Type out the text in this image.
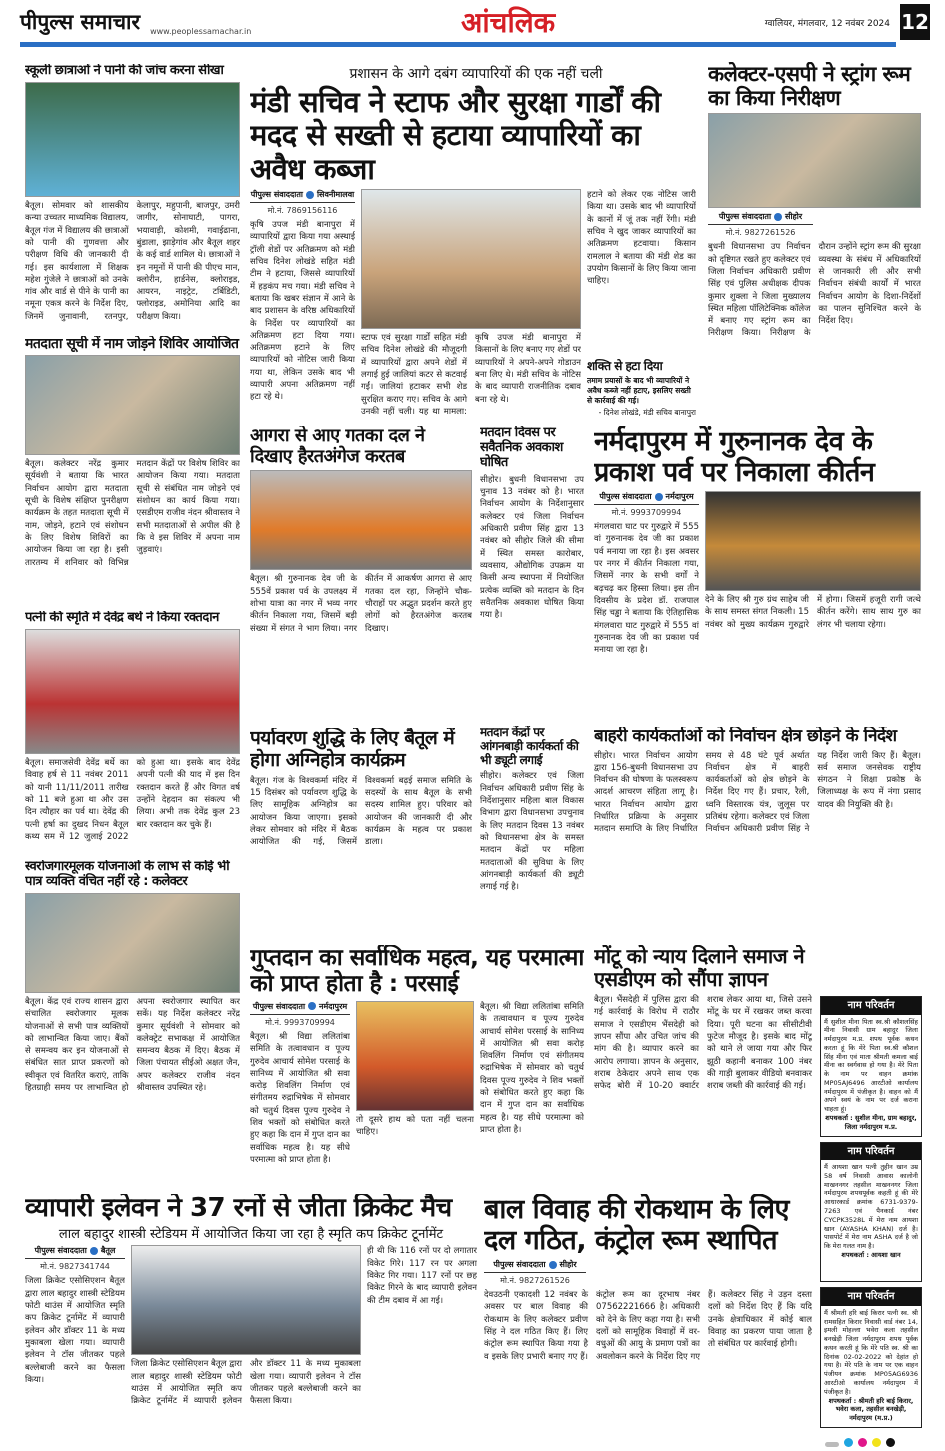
पीपुल्स समाचार www.peoplessamachar.in	आंचलिक	ग्वालियर, मंगलवार, 12 नवंबर 2024 12
स्कूली छात्राओं ने पानी की जांच करना सीखा
बैतूल। सोमवार को शासकीय कन्या उच्चतर माध्यमिक विद्यालय, बैतूल गंज में विद्यालय की छात्राओं को पानी की गुणवत्ता और परीक्षण विधि की जानकारी दी गई। इस कार्यशाला में शिक्षक महेश गुंजेले ने छात्राओं को उनके गांव और वार्ड से पीने के पानी का नमूना एकत्र करने के निर्देश दिए, जिनमें जुनावानी, रतनपुर, केलापुर, महुपानी, बाजपुर, उमरी जागीर, सोनाघाटी, पागरा, भयावाड़ी, कोशमी, गवाईढाना, बुंडाला, झाड़ेगांव और बैतूल शहर के कई वार्ड शामिल थे। छात्राओं ने इन नमूनों में पानी की पीएच मान, क्लोरीन, हार्डनेस, क्लोराइड, आयरन, नाइट्रेट, टर्बिडिटी, फ्लोराइड, अमोनिया आदि का परीक्षण किया।
मतदाता सूची में नाम जोड़ने शिविर आयोजित
बैतूल। कलेक्टर नरेंद्र कुमार सूर्यवंशी ने बताया कि भारत निर्वाचन आयोग द्वारा मतदाता सूची के विशेष संक्षिप्त पुनरीक्षण कार्यक्रम के तहत मतदाता सूची में नाम, जोड़ने, हटाने एवं संशोधन के लिए विशेष शिविरों का आयोजन किया जा रहा है। इसी तारतम्य में शनिवार को विभिन्न मतदान केंद्रों पर विशेष शिविर का आयोजन किया गया। मतदाता सूची से संबंधित नाम जोड़ने एवं संशोधन का कार्य किया गया। एसडीएम राजीव नंदन श्रीवास्तव ने सभी मतदाताओं से अपील की है कि वे इस शिविर में अपना नाम जुड़वाएं।
पत्नी की स्मृति में देवेंद्र बर्थे ने किया रक्तदान
बैतूल। समाजसेवी देवेंद्र बर्थे का विवाह हर्ष से 11 नवंबर 2011 को यानी 11/11/2011 तारीख को 11 बजे हुआ था और उस दिन त्यौहार का पर्व था। देवेंद्र की पत्नी हर्षा का दुखद निधन बैतूल कथ्य सम में 12 जुलाई 2022 को हुआ था। इसके बाद देवेंद्र अपनी पत्नी की याद में इस दिन रक्तदान करते हैं और विगत वर्ष उन्होंने देहदान का संकल्प भी लिया। अभी तक देवेंद्र कुल 23 बार रक्तदान कर चुके हैं।
स्वरोजगारमूलक योजनाओं के लाभ से कोई भी पात्र व्यक्ति वंचित नहीं रहे : कलेक्टर
बैतूल। केंद्र एवं राज्य शासन द्वारा संचालित स्वरोजगार मूलक योजनाओं से सभी पात्र व्यक्तियों को लाभान्वित किया जाए। बैंकों से समन्वय कर इन योजनाओं से संबंधित सात प्राप्त प्रकरणों को स्वीकृत एवं वितरित कराएं, ताकि हितग्राही समय पर लाभान्वित हो अपना स्वरोजगार स्थापित कर सकें। यह निर्देश कलेक्टर नरेंद्र कुमार सूर्यवंशी ने सोमवार को कलेक्ट्रेट सभाकक्ष में आयोजित समन्वय बैठक में दिए। बैठक में जिला पंचायत सीईओ अक्षत जैन, अपर कलेक्टर राजीव नंदन श्रीवास्तव उपस्थित रहे।
प्रशासन के आगे दबंग व्यापारियों की एक नहीं चली
मंडी सचिव ने स्टाफ और सुरक्षा गार्डों की मदद से सख्ती से हटाया व्यापारियों का अवैध कब्जा
पीपुल्स संवाददाता सिवनीमालवा
मो.नं. 7869156116
कृषि उपज मंडी बानापुरा में व्यापारियों द्वारा किया गया अस्थाई ट्रॉली शेडों पर अतिक्रमण को मंडी सचिव दिनेश लोखंडे सहित मंडी टीम ने हटाया, जिससे व्यापारियों में हड़कंप मच गया। मंडी सचिव ने बताया कि खबर संज्ञान में आने के बाद प्रशासन के वरिष्ठ अधिकारियों के निर्देश पर व्यापारियों का अतिक्रमण हटा दिया गया। अतिक्रमण हटाने के लिए व्यापारियों को नोटिस जारी किया गया था, लेकिन उसके बाद भी व्यापारी अपना अतिक्रमण नहीं हटा रहे थे।
स्टाफ एवं सुरक्षा गार्डों सहित मंडी सचिव दिनेश लोखंडे की मौजूदगी में व्यापारियों द्वारा अपने शेडों में लगाई हुई जालियां कटर से कटवाई गईं। जालियां हटाकर सभी शेड सुरक्षित कराए गए। सचिव के आगे उनकी नहीं चली। यह था मामला: कृषि उपज मंडी बानापुरा में किसानों के लिए बनाए गए शेडों पर व्यापारियों ने अपने-अपने गोडाउन बना लिए थे। मंडी सचिव के नोटिस के बाद व्यापारी राजनीतिक दबाव बना रहे थे।
हटाने को लेकर एक नोटिस जारी किया था। उसके बाद भी व्यापारियों के कानों में जूं तक नहीं रेंगी। मंडी सचिव ने खुद जाकर व्यापारियों का अतिक्रमण हटवाया। किसान रामलाल ने बताया की मंडी शेड का उपयोग किसानों के लिए किया जाना चाहिए।
शक्ति से हटा दिया
तमाम प्रयासों के बाद भी व्यापारियों ने अवैध कब्जे नहीं हटाए, इसलिए सख्ती से कार्रवाई की गई।
- दिनेश लोखंडे, मंडी सचिव बानापुरा
कलेक्टर-एसपी ने स्ट्रांग रूम का किया निरीक्षण
पीपुल्स संवाददाता सीहोर
मो.नं. 9827261526
बुधनी विधानसभा उप निर्वाचन को दृष्टिगत रखते हुए कलेक्टर एवं जिला निर्वाचन अधिकारी प्रवीण सिंह एवं पुलिस अधीक्षक दीपक कुमार शुक्ला ने जिला मुख्यालय स्थित महिला पॉलिटेक्निक कॉलेज में बनाए गए स्ट्रांग रूम का निरीक्षण किया। निरीक्षण के दौरान उन्होंने स्ट्रांग रूम की सुरक्षा व्यवस्था के संबंध में अधिकारियों से जानकारी ली और सभी निर्वाचन संबंधी कार्यों में भारत निर्वाचन आयोग के दिशा-निर्देशों का पालन सुनिश्चित करने के निर्देश दिए।
आगरा से आए गतका दल ने दिखाए हैरतअंगेज करतब
बैतूल। श्री गुरुनानक देव जी के 555वें प्रकाश पर्व के उपलक्ष्य में शोभा यात्रा का नगर में भव्य नगर कीर्तन निकाला गया, जिसमें बड़ी संख्या में संगत ने भाग लिया। नगर कीर्तन में आकर्षण आगरा से आए गतका दल रहा, जिन्होंने चौक-चौराहों पर अद्भुत प्रदर्शन करते हुए लोगों को हैरतअंगेज करतब दिखाए।
मतदान दिवस पर सवैतनिक अवकाश घोषित
सीहोर। बुधनी विधानसभा उप चुनाव 13 नवंबर को है। भारत निर्वाचन आयोग के निर्देशानुसार कलेक्टर एवं जिला निर्वाचन अधिकारी प्रवीण सिंह द्वारा 13 नवंबर को सीहोर जिले की सीमा में स्थित समस्त कारोबार, व्यवसाय, औद्योगिक उपक्रम या किसी अन्य स्थापना में नियोजित प्रत्येक व्यक्ति को मतदान के दिन सवैतनिक अवकाश घोषित किया गया है।
नर्मदापुरम में गुरुनानक देव के प्रकाश पर्व पर निकाला कीर्तन
पीपुल्स संवाददाता नर्मदापुरम
मो.नं. 9993709994
मंगलवारा घाट पर गुरुद्वारे में 555 वां गुरुनानक देव जी का प्रकाश पर्व मनाया जा रहा है। इस अवसर पर नगर में कीर्तन निकाला गया, जिसमें नगर के सभी वर्गों ने बढ़चढ़ कर हिस्सा लिया। इस तीन दिवसीय के प्रदेश डॉ. राजपाल सिंह चड्ढा ने बताया कि ऐतिहासिक मंगलवारा घाट गुरुद्वारे में 555 वां गुरुनानक देव जी का प्रकाश पर्व मनाया जा रहा है।
देने के लिए श्री गुरु ग्रंथ साहेब जी के साथ समस्त संगत निकली। 15 नवंबर को मुख्य कार्यक्रम गुरुद्वारे में होगा। जिसमें हजूरी रागी जत्थे कीर्तन करेंगे। साथ साथ गुरु का लंगर भी चलाया रहेगा।
पर्यावरण शुद्धि के लिए बैतूल में होगा अग्निहोत्र कार्यक्रम
बैतूल। गंज के विश्वकर्मा मंदिर में 15 दिसंबर को पर्यावरण शुद्धि के लिए सामूहिक अग्निहोत्र का आयोजन किया जाएगा। इसको लेकर सोमवार को मंदिर में बैठक आयोजित की गई, जिसमें विश्वकर्मा बढ़ई समाज समिति के सदस्यों के साथ बैतूल के सभी सदस्य शामिल हुए। परिवार को आयोजन की जानकारी दी और कार्यक्रम के महत्व पर प्रकाश डाला।
मतदान केंद्रों पर आंगनबाड़ी कार्यकर्ता की भी ड्यूटी लगाई
सीहोर। कलेक्टर एवं जिला निर्वाचन अधिकारी प्रवीण सिंह के निर्देशानुसार महिला बाल विकास विभाग द्वारा विधानसभा उपचुनाव के लिए मतदान दिवस 13 नवंबर को विधानसभा क्षेत्र के समस्त मतदान केंद्रों पर महिला मतदाताओं की सुविधा के लिए आंगनबाड़ी कार्यकर्ता की ड्यूटी लगाई गई है।
बाहरी कार्यकर्ताओं को निर्वाचन क्षेत्र छोड़ने के निर्देश
सीहोर। भारत निर्वाचन आयोग द्वारा 156-बुधनी विधानसभा उप निर्वाचन की घोषणा के फलस्वरूप आदर्श आचरण संहिता लागू है। भारत निर्वाचन आयोग द्वारा निर्धारित प्रक्रिया के अनुसार मतदान समाप्ति के लिए निर्धारित समय से 48 घंटे पूर्व अर्थात निर्वाचन क्षेत्र में बाहरी कार्यकर्ताओं को क्षेत्र छोड़ने के निर्देश दिए गए हैं। प्रचार, रैली, ध्वनि विस्तारक यंत्र, जुलूस पर प्रतिबंध रहेगा। कलेक्टर एवं जिला निर्वाचन अधिकारी प्रवीण सिंह ने यह निर्देश जारी किए हैं। बैतूल। सर्व समाज जनसेवक राष्ट्रीय संगठन ने शिक्षा प्रकोष्ठ के जिलाध्यक्ष के रूप में नंगा प्रसाद यादव की नियुक्ति की है।
गुप्तदान का सर्वाधिक महत्व, यह परमात्मा को प्राप्त होता है : परसाई
पीपुल्स संवाददाता नर्मदापुरम
मो.नं. 9993709994
बैतूल। श्री विद्या ललितांबा समिति के तत्वावधान व पूज्य गुरुदेव आचार्य सोमेश परसाई के सानिध्य में आयोजित श्री सवा करोड़ शिवलिंग निर्माण एवं संगीतमय रुद्राभिषेक में सोमवार को चतुर्थ दिवस पूज्य गुरुदेव ने शिव भक्तों को संबोधित करते हुए कहा कि दान में गुप्त दान का सर्वाधिक महत्व है। यह सीधे परमात्मा को प्राप्त होता है।
तो दूसरे हाथ को पता नहीं चलना चाहिए।
बैतूल। श्री विद्या ललितांबा समिति के तत्वावधान व पूज्य गुरुदेव आचार्य सोमेश परसाई के सानिध्य में आयोजित श्री सवा करोड़ शिवलिंग निर्माण एवं संगीतमय रुद्राभिषेक में सोमवार को चतुर्थ दिवस पूज्य गुरुदेव ने शिव भक्तों को संबोधित करते हुए कहा कि दान में गुप्त दान का सर्वाधिक महत्व है। यह सीधे परमात्मा को प्राप्त होता है।
मोंटू को न्याय दिलाने समाज ने एसडीएम को सौंपा ज्ञापन
बैतूल। भैंसदेही में पुलिस द्वारा की गई कार्रवाई के विरोध में राठौर समाज ने एसडीएम भैंसदेही को ज्ञापन सौंपा और उचित जांच की मांग की है। व्यापार करने का आरोप लगाया। ज्ञापन के अनुसार, शराब ठेकेदार अपने साथ एक सफेद बोरी में 10-20 क्वार्टर शराब लेकर आया था, जिसे उसने मोंटू के घर में रखकर जब्त करवा दिया। पूरी घटना का सीसीटीवी फुटेज मौजूद है। इसके बाद मोंटू को थाने ले जाया गया और फिर झूठी कहानी बनाकर 100 नंबर की गाड़ी बुलाकर वीडियो बनवाकर शराब जब्ती की कार्रवाई की गई।
व्यापारी इलेवन ने 37 रनों से जीता क्रिकेट मैच
लाल बहादुर शास्त्री स्टेडियम में आयोजित किया जा रहा है स्मृति कप क्रिकेट टूर्नामेंट
पीपुल्स संवाददाता बैतूल
मो.नं. 9827341744
जिला क्रिकेट एसोसिएशन बैतूल द्वारा लाल बहादुर शास्त्री स्टेडियम फोटी थाउंस में आयोजित स्मृति कप क्रिकेट टूर्नामेंट में व्यापारी इलेवन और डॉक्टर 11 के मध्य मुकाबला खेला गया। व्यापारी इलेवन ने टॉस जीतकर पहले बल्लेबाजी करने का फैसला किया।
जिला क्रिकेट एसोसिएशन बैतूल द्वारा लाल बहादुर शास्त्री स्टेडियम फोटी थाउंस में आयोजित स्मृति कप क्रिकेट टूर्नामेंट में व्यापारी इलेवन और डॉक्टर 11 के मध्य मुकाबला खेला गया। व्यापारी इलेवन ने टॉस जीतकर पहले बल्लेबाजी करने का फैसला किया।
ही थी कि 116 रनों पर दो लगातार विकेट गिरे। 117 रन पर अगला विकेट गिर गया। 117 रनों पर छह विकेट गिरने के बाद व्यापारी इलेवन की टीम दबाव में आ गई।
बाल विवाह की रोकथाम के लिए दल गठित, कंट्रोल रूम स्थापित
पीपुल्स संवाददाता सीहोर
मो.नं. 9827261526
देवउठनी एकादशी 12 नवंबर के अवसर पर बाल विवाह की रोकथाम के लिए कलेक्टर प्रवीण सिंह ने दल गठित किए हैं। लिए कंट्रोल रूम स्थापित किया गया है व इसके लिए प्रभारी बनाए गए हैं। कंट्रोल रूम का दूरभाष नंबर 07562221666 है। अधिकारी को देने के लिए कहा गया है। सभी दलों को सामूहिक विवाहों में वर-वधुओं की आयु के प्रमाण पत्रों का अवलोकन करने के निर्देश दिए गए हैं। कलेक्टर सिंह ने उड़न दस्ता दलों को निर्देश दिए हैं कि यदि उनके क्षेत्राधिकार में कोई बाल विवाह का प्रकरण पाया जाता है तो संबंधित पर कार्रवाई होगी।
नाम परिवर्तन
मैं सुशील मीना पिता स्व.श्री कौशलसिंह मीना निवासी ग्राम बहादुर जिला नर्मदापुरम म.प्र. शपथ पूर्वक कथन करता हूं कि मेरे पिता स्व.श्री कौशल सिंह मीना एवं माता श्रीमती कमला बाई मीना का स्वर्गवास हो गया है। मेरे पिता के नाम पर वाहन क्रमांक MP05AJ6496 आरटीओ कार्यालय नर्मदापुरम में पंजीकृत है। वाहन को मैं अपने स्वयं के नाम पर दर्ज कराना चाहता हूं।
शपथकर्ता : सुशील मीना, ग्राम बहादुर, जिला नर्मदापुरम म.प्र.
नाम परिवर्तन
मैं आयशा खान पत्नी तुहीन खान उम्र 58 वर्ष निवासी आवास कालोनी माखननगर तहसील माखननगर जिला नर्मदापुरम शपथपूर्वक कहती हूं की मेरे आधारकार्ड क्रमांक 6731-9379-7263 एवं पैनकार्ड नंबर CYCPK3528L में मेरा नाम आयशा खान (AYASHA KHAN) दर्ज है। पासपोर्ट में मेरा नाम ASHA दर्ज है जो कि मेरा गलत नाम है।
शपथकर्ता : आयशा खान
नाम परिवर्तन
मैं श्रीमती हरि बाई किरार पत्नी स्व. श्री रामसहित किरार निवासी वार्ड नंबर 14, इमली मोहल्ला भवेरा कला तहसील बनखेड़ी जिला नर्मदापुरम शपथ पूर्वक कथन करती हूं कि मेरे पति स्व. श्री का दिनांक 02-02-2022 को देहांत हो गया है। मेरे पति के नाम पर एक वाहन पंजीयन क्रमांक MP05AG6936 आरटीओ कार्यालय नर्मदापुरम में पंजीकृत है।
शपथकर्ता : श्रीमती हरि बाई किरार, भवेरा कला, तहसील बनखेड़ी, नर्मदापुरम (म.प्र.)
